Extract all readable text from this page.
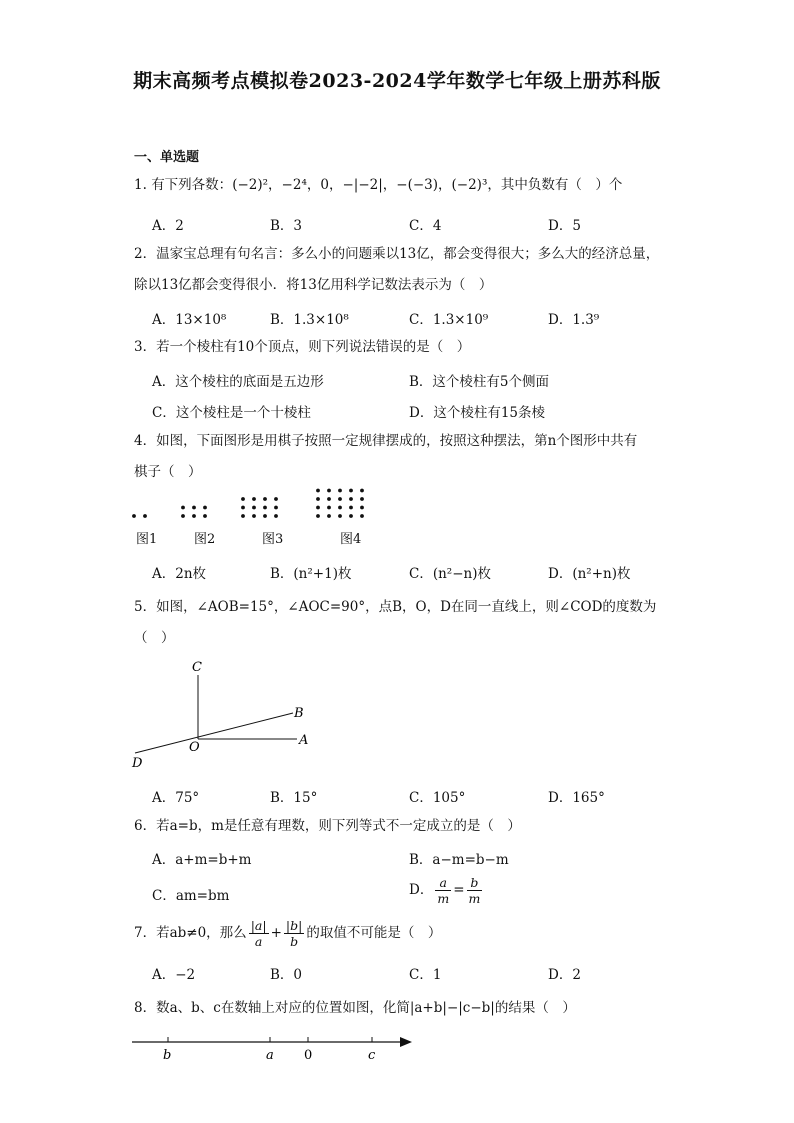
期末高频考点模拟卷2023-2024学年数学七年级上册苏科版
一、单选题
1. 有下列各数：(−2)²，−2⁴，0，−|−2|，−(−3)，(−2)³，其中负数有（　）个
A．2	B．3	C．4	D．5
2．温家宝总理有句名言：多么小的问题乘以13亿，都会变得很大；多么大的经济总量，
除以13亿都会变得很小．将13亿用科学记数法表示为（　）
A．13×10⁸	B．1.3×10⁸	C．1.3×10⁹	D．1.3⁹
3．若一个棱柱有10个顶点，则下列说法错误的是（　）
A．这个棱柱的底面是五边形	B．这个棱柱有5个侧面
C．这个棱柱是一个十棱柱	D．这个棱柱有15条棱
4．如图，下面图形是用棋子按照一定规律摆成的，按照这种摆法，第n个图形中共有
棋子（　）
图1	图2	图3	图4
A．2n枚	B．(n²+1)枚	C．(n²−n)枚	D．(n²+n)枚
5．如图，∠AOB=15°，∠AOC=90°，点B，O，D在同一直线上，则∠COD的度数为
（　）
C
B
O	A
D
A．75°	B．15°	C．105°	D．165°
6．若a=b，m是任意有理数，则下列等式不一定成立的是（　）
A．a+m=b+m	B．a−m=b−m
C．am=bm	D． $\frac{a}{m} = \frac{b}{m}$
7．若ab≠0，那么 $\frac{|a|}{a} + \frac{|b|}{b}$ 的取值不可能是（　）
A．−2	B．0	C．1	D．2
8．数a、b、c在数轴上对应的位置如图，化简|a+b|−|c−b|的结果（　）
b	a 0	c
